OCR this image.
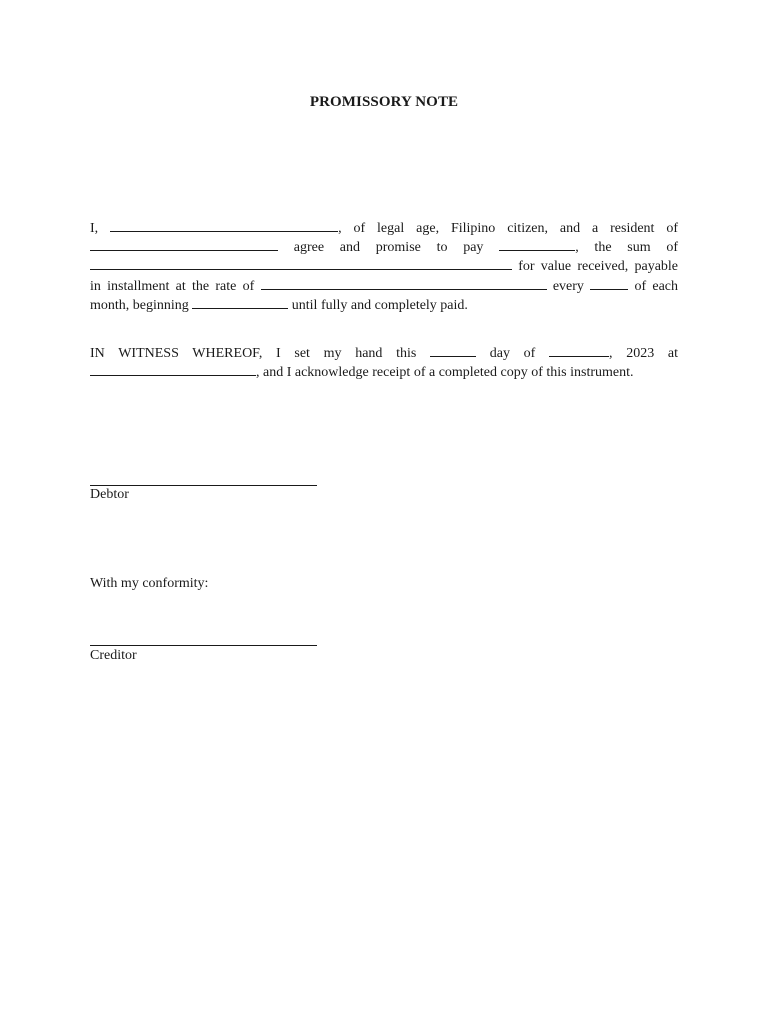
PROMISSORY NOTE

I,	, of legal age, Filipino citizen, and a resident of  agree and promise to pay	, the sum of  for value received, payable in installment at the rate of	every	of each month, beginning	until fully and completely paid.

IN WITNESS WHEREOF, I set my hand this	day of	, 2023 at , and I acknowledge receipt of a completed copy of this instrument.

Debtor
With my conformity:
Creditor
